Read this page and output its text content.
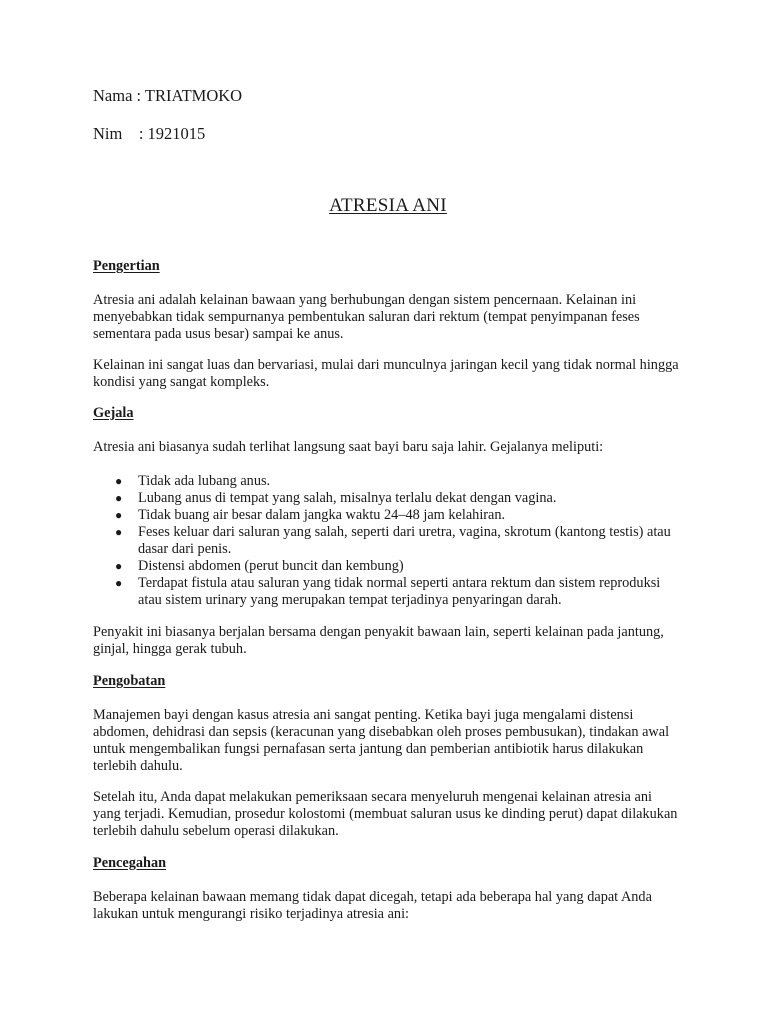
Nama : TRIATMOKO
Nim    : 1921015
ATRESIA ANI
Pengertian

Atresia ani adalah kelainan bawaan yang berhubungan dengan sistem pencernaan. Kelainan ini menyebabkan tidak sempurnanya pembentukan saluran dari rektum (tempat penyimpanan feses sementara pada usus besar) sampai ke anus.

Kelainan ini sangat luas dan bervariasi, mulai dari munculnya jaringan kecil yang tidak normal hingga kondisi yang sangat kompleks.

Gejala

Atresia ani biasanya sudah terlihat langsung saat bayi baru saja lahir. Gejalanya meliputi:

● Tidak ada lubang anus.
● Lubang anus di tempat yang salah, misalnya terlalu dekat dengan vagina.
● Tidak buang air besar dalam jangka waktu 24–48 jam kelahiran.
● Feses keluar dari saluran yang salah, seperti dari uretra, vagina, skrotum (kantong testis) atau dasar dari penis.
● Distensi abdomen (perut buncit dan kembung)
● Terdapat fistula atau saluran yang tidak normal seperti antara rektum dan sistem reproduksi atau sistem urinary yang merupakan tempat terjadinya penyaringan darah.

Penyakit ini biasanya berjalan bersama dengan penyakit bawaan lain, seperti kelainan pada jantung, ginjal, hingga gerak tubuh.

Pengobatan

Manajemen bayi dengan kasus atresia ani sangat penting. Ketika bayi juga mengalami distensi abdomen, dehidrasi dan sepsis (keracunan yang disebabkan oleh proses pembusukan), tindakan awal untuk mengembalikan fungsi pernafasan serta jantung dan pemberian antibiotik harus dilakukan terlebih dahulu.

Setelah itu, Anda dapat melakukan pemeriksaan secara menyeluruh mengenai kelainan atresia ani yang terjadi. Kemudian, prosedur kolostomi (membuat saluran usus ke dinding perut) dapat dilakukan terlebih dahulu sebelum operasi dilakukan.

Pencegahan

Beberapa kelainan bawaan memang tidak dapat dicegah, tetapi ada beberapa hal yang dapat Anda lakukan untuk mengurangi risiko terjadinya atresia ani:
